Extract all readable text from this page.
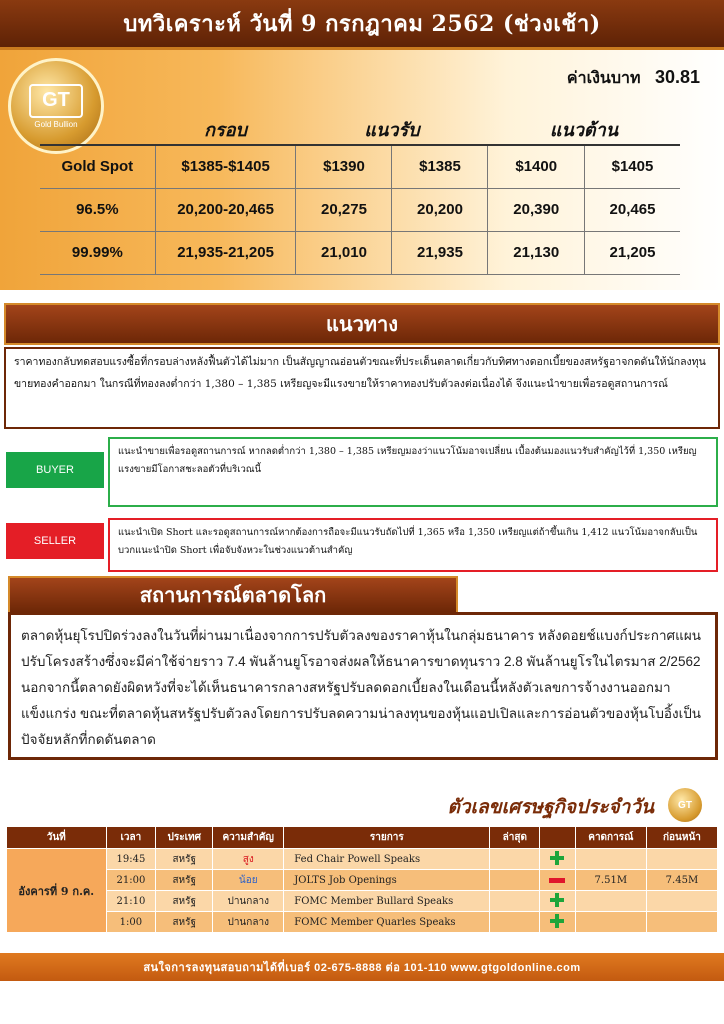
บทวิเคราะห์ วันที่ 9 กรกฎาคม 2562 (ช่วงเช้า)
GT
Gold Bullion
ค่าเงินบาท 30.81
	กรอบ	แนวรับ		แนวต้าน	
Gold Spot	$1385-$1405	$1390	$1385	$1400	$1405
96.5%	20,200-20,465	20,275	20,200	20,390	20,465
99.99%	21,935-21,205	21,010	21,935	21,130	21,205
แนวทาง
ราคาทองกลับทดสอบแรงซื้อที่กรอบล่างหลังฟื้นตัวได้ไม่มาก เป็นสัญญาณอ่อนตัวขณะที่ประเด็นตลาดเกี่ยวกับทิศทางดอกเบี้ยของสหรัฐอาจกดดันให้นักลงทุนขายทองคำออกมา ในกรณีที่ทองลงต่ำกว่า 1,380 – 1,385 เหรียญจะมีแรงขายให้ราคาทองปรับตัวลงต่อเนื่องได้ จึงแนะนำขายเพื่อรอดูสถานการณ์
BUYER
แนะนำขายเพื่อรอดูสถานการณ์ หากลดต่ำกว่า 1,380 – 1,385 เหรียญมองว่าแนวโน้มอาจเปลี่ยน เบื้องต้นมองแนวรับสำคัญไว้ที่ 1,350 เหรียญ แรงขายมีโอกาสชะลอตัวที่บริเวณนี้
SELLER
แนะนำเปิด Short และรอดูสถานการณ์หากต้องการถือจะมีแนวรับถัดไปที่ 1,365 หรือ 1,350 เหรียญแต่ถ้าขึ้นเกิน 1,412 แนวโน้มอาจกลับเป็นบวกแนะนำปิด Short เพื่อจับจังหวะในช่วงแนวต้านสำคัญ
สถานการณ์ตลาดโลก
ตลาดหุ้นยุโรปปิดร่วงลงในวันที่ผ่านมาเนื่องจากการปรับตัวลงของราคาหุ้นในกลุ่มธนาคาร หลังดอยช์แบงก์ประกาศแผนปรับโครงสร้างซึ่งจะมีค่าใช้จ่ายราว 7.4 พันล้านยูโรอาจส่งผลให้ธนาคารขาดทุนราว 2.8 พันล้านยูโรในไตรมาส 2/2562 นอกจากนี้ตลาดยังผิดหวังที่จะได้เห็นธนาคารกลางสหรัฐปรับลดดอกเบี้ยลงในเดือนนี้หลังตัวเลขการจ้างงานออกมาแข็งแกร่ง ขณะที่ตลาดหุ้นสหรัฐปรับตัวลงโดยการปรับลดความน่าลงทุนของหุ้นแอปเปิลและการอ่อนตัวของหุ้นโบอิ้งเป็นปัจจัยหลักที่กดดันตลาด
ตัวเลขเศรษฐกิจประจำวัน	GT
วันที่	เวลา	ประเทศ	ความสำคัญ	รายการ	ล่าสุด		คาดการณ์	ก่อนหน้า
อังคารที่ 9 ก.ค.	19:45	สหรัฐ	สูง	Fed Chair Powell Speaks				
	21:00	สหรัฐ	น้อย	JOLTS Job Openings			7.51M	7.45M
	21:10	สหรัฐ	ปานกลาง	FOMC Member Bullard Speaks				
	1:00	สหรัฐ	ปานกลาง	FOMC Member Quarles Speaks				
สนใจการลงทุนสอบถามได้ที่เบอร์ 02-675-8888 ต่อ 101-110 www.gtgoldonline.com
